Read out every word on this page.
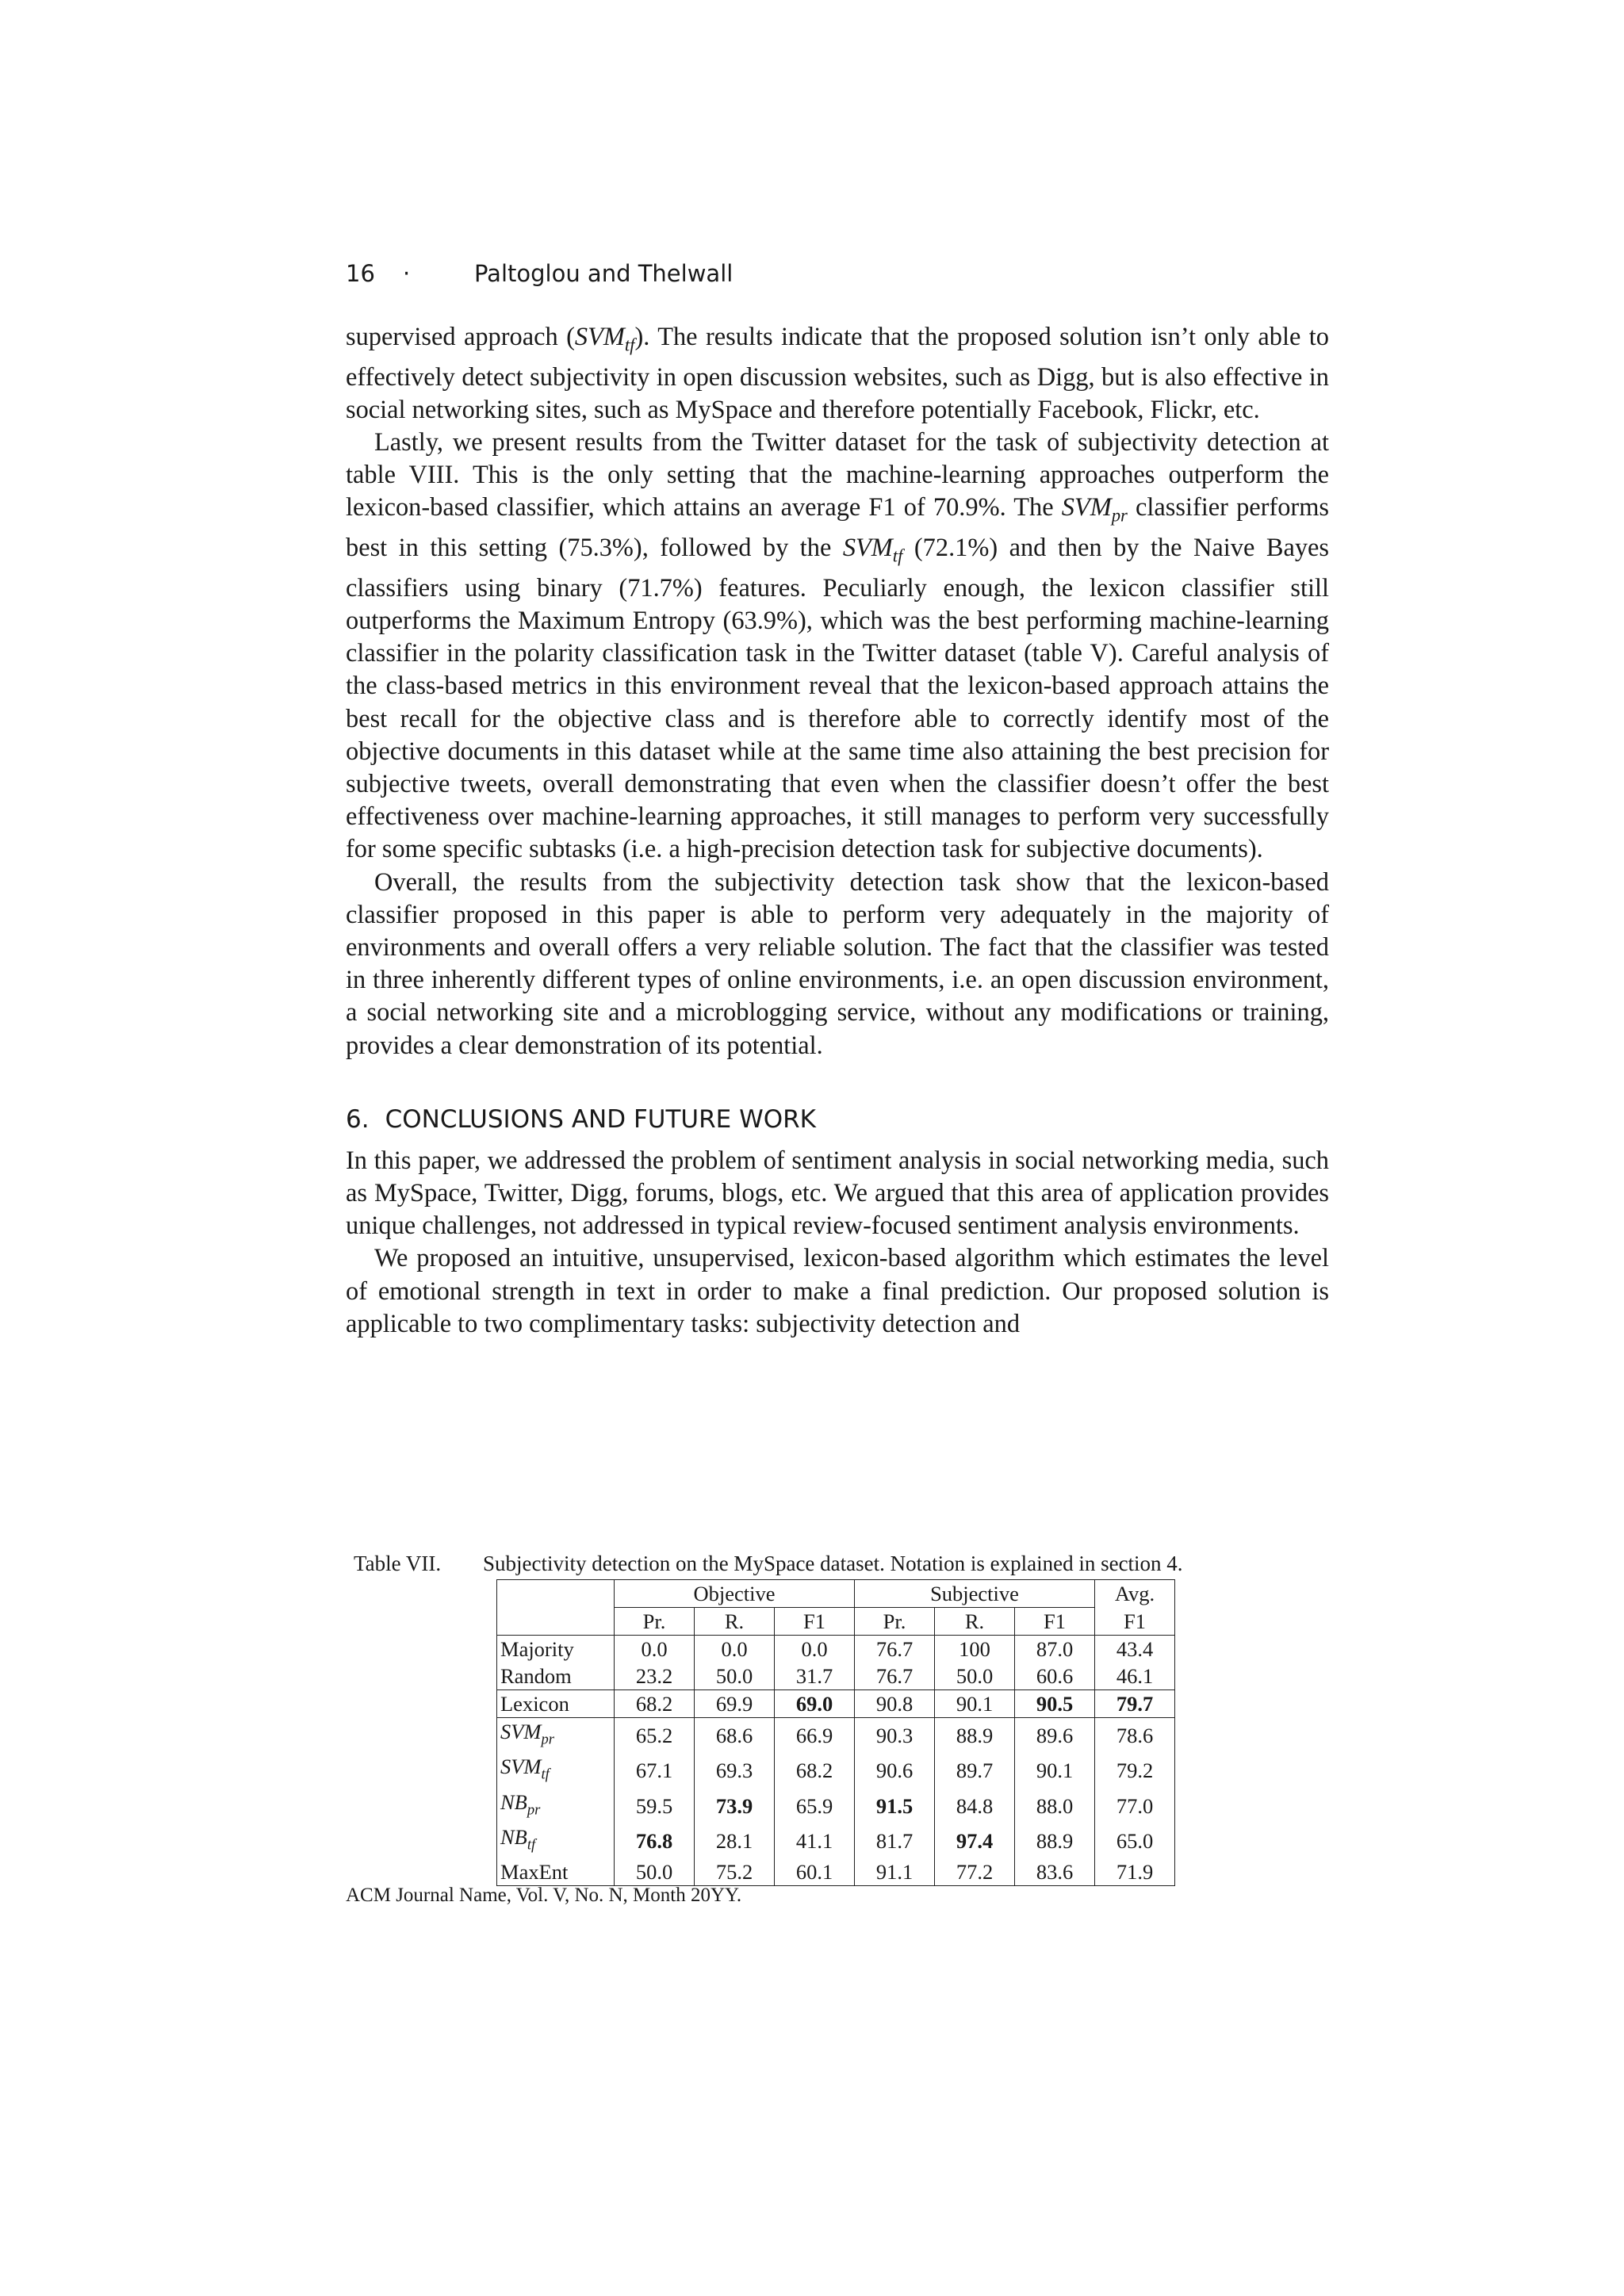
16	·	Paltoglou and Thelwall

supervised approach $(SVM_{tf})$. The results indicate that the proposed solution isn’t only able to effectively detect subjectivity in open discussion websites, such as Digg, but is also effective in social networking sites, such as MySpace and therefore potentially Facebook, Flickr, etc.

Lastly, we present results from the Twitter dataset for the task of subjectivity detection at table VIII. This is the only setting that the machine-learning approaches outperform the lexicon-based classifier, which attains an average F1 of 70.9%. The $SVM_{pr}$ classifier performs best in this setting (75.3%), followed by the $SVM_{tf}$ (72.1%) and then by the Naive Bayes classifiers using binary (71.7%) features. Peculiarly enough, the lexicon classifier still outperforms the Maximum Entropy (63.9%), which was the best performing machine-learning classifier in the polarity classification task in the Twitter dataset (table V). Careful analysis of the class-based metrics in this environment reveal that the lexicon-based approach attains the best recall for the objective class and is therefore able to correctly identify most of the objective documents in this dataset while at the same time also attaining the best precision for subjective tweets, overall demonstrating that even when the classifier doesn’t offer the best effectiveness over machine-learning approaches, it still manages to perform very successfully for some specific subtasks (i.e. a high-precision detection task for subjective documents).

Overall, the results from the subjectivity detection task show that the lexicon-based classifier proposed in this paper is able to perform very adequately in the majority of environments and overall offers a very reliable solution. The fact that the classifier was tested in three inherently different types of online environments, i.e. an open discussion environment, a social networking site and a microblogging service, without any modifications or training, provides a clear demonstration of its potential.

6. CONCLUSIONS AND FUTURE WORK

In this paper, we addressed the problem of sentiment analysis in social networking media, such as MySpace, Twitter, Digg, forums, blogs, etc. We argued that this area of application provides unique challenges, not addressed in typical review-focused sentiment analysis environments.

We proposed an intuitive, unsupervised, lexicon-based algorithm which estimates the level of emotional strength in text in order to make a final prediction. Our proposed solution is applicable to two complimentary tasks: subjectivity detection and

Table VII.	Subjectivity detection on the MySpace dataset. Notation is explained in section 4.
	Objective			Subjective			Avg.
	Pr.	R.	F1	Pr.	R.	F1	F1
Majority	0.0	0.0	0.0	76.7	100	87.0	43.4
Random	23.2	50.0	31.7	76.7	50.0	60.6	46.1
Lexicon	68.2	69.9	69.0	90.8	90.1	90.5	79.7
$SVM_{pr}$	65.2	68.6	66.9	90.3	88.9	89.6	78.6
$SVM_{tf}$	67.1	69.3	68.2	90.6	89.7	90.1	79.2
$NB_{pr}$	59.5	73.9	65.9	91.5	84.8	88.0	77.0
$NB_{tf}$	76.8	28.1	41.1	81.7	97.4	88.9	65.0
MaxEnt	50.0	75.2	60.1	91.1	77.2	83.6	71.9
ACM Journal Name, Vol. V, No. N, Month 20YY.
